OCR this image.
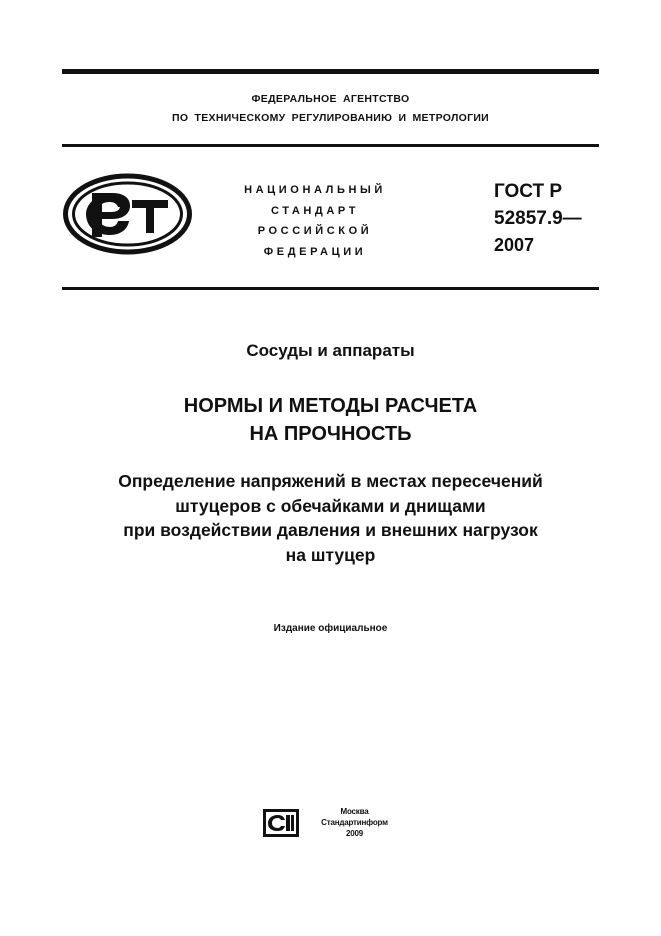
ФЕДЕРАЛЬНОЕ АГЕНТСТВО
ПО ТЕХНИЧЕСКОМУ РЕГУЛИРОВАНИЮ И МЕТРОЛОГИИ
НАЦИОНАЛЬНЫЙ
СТАНДАРТ
РОССИЙСКОЙ
ФЕДЕРАЦИИ
ГОСТ Р
52857.9—
2007
Сосуды и аппараты
НОРМЫ И МЕТОДЫ РАСЧЕТА
НА ПРОЧНОСТЬ
Определение напряжений в местах пересечений
штуцеров с обечайками и днищами
при воздействии давления и внешних нагрузок
на штуцер
Издание официальное
Москва
Стандартинформ
2009
